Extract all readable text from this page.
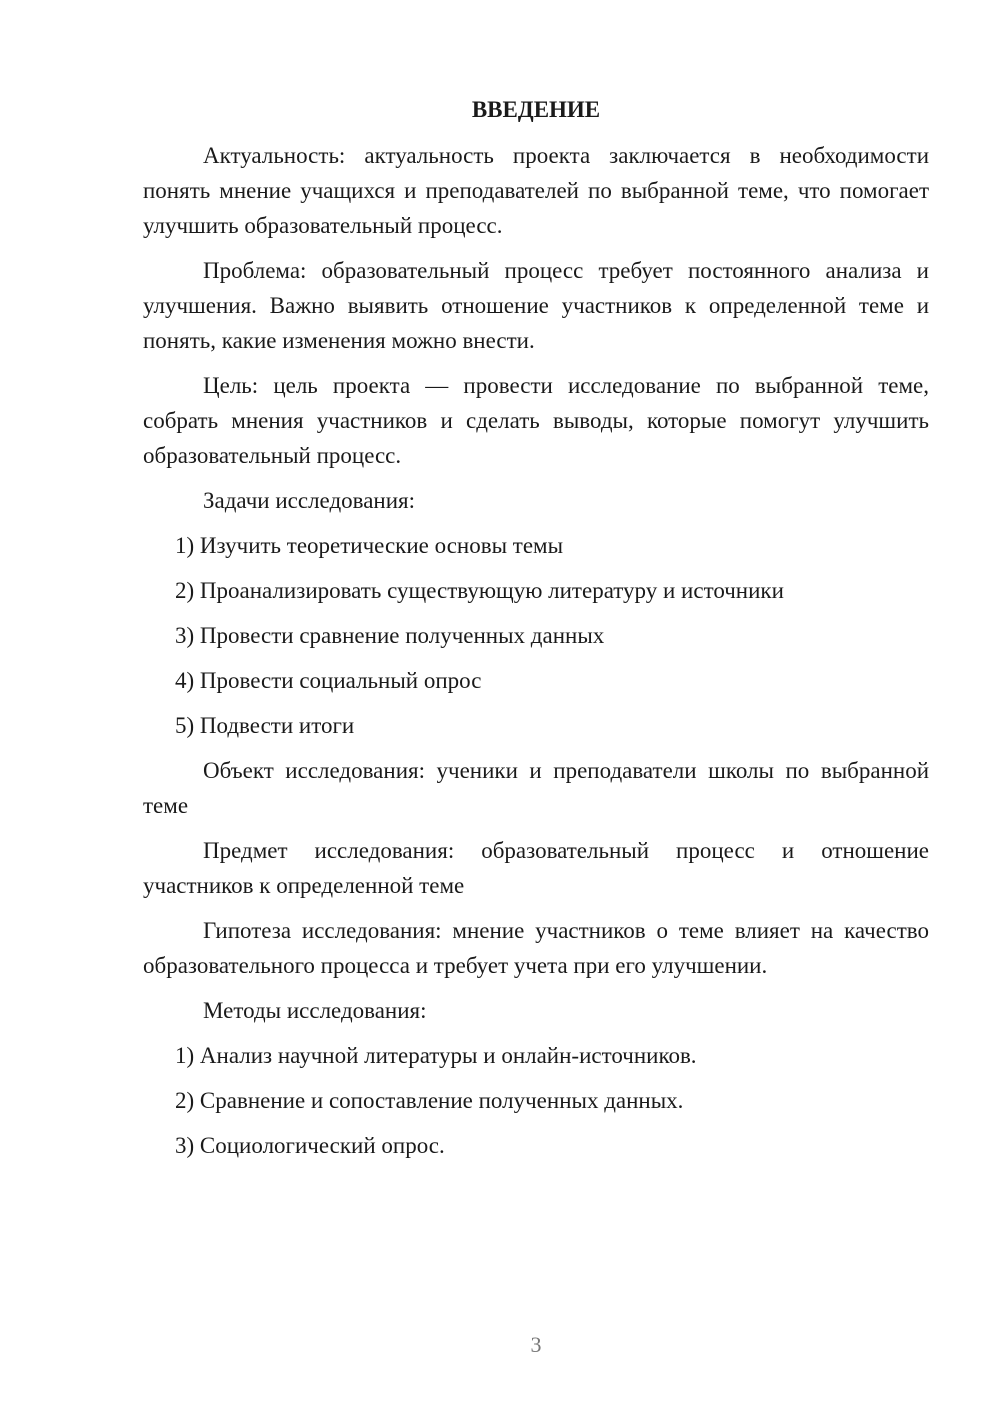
ВВЕДЕНИЕ

Актуальность: актуальность проекта заключается в необходимости понять мнение учащихся и преподавателей по выбранной теме, что помогает улучшить образовательный процесс.

Проблема: образовательный процесс требует постоянного анализа и улучшения. Важно выявить отношение участников к определенной теме и понять, какие изменения можно внести.

Цель: цель проекта — провести исследование по выбранной теме, собрать мнения участников и сделать выводы, которые помогут улучшить образовательный процесс.

Задачи исследования:

1) Изучить теоретические основы темы
2) Проанализировать существующую литературу и источники
3) Провести сравнение полученных данных
4) Провести социальный опрос
5) Подвести итоги

Объект исследования: ученики и преподаватели школы по выбранной теме

Предмет исследования: образовательный процесс и отношение участников к определенной теме

Гипотеза исследования: мнение участников о теме влияет на качество образовательного процесса и требует учета при его улучшении.

Методы исследования:

1) Анализ научной литературы и онлайн-источников.
2) Сравнение и сопоставление полученных данных.
3) Социологический опрос.
3
